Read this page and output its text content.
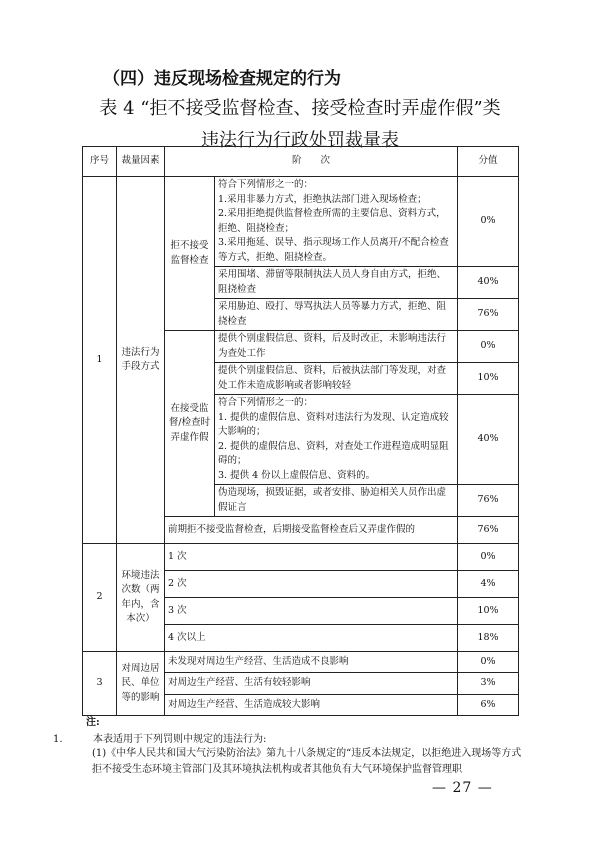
（四）违反现场检查规定的行为
表 4 “拒不接受监督检查、接受检查时弄虚作假”类
违法行为行政处罚裁量表
序号	裁量因素	阶　　次		分值
1	违法行为手段方式	拒不接受监督检查	符合下列情形之一的：
1.采用非暴力方式，拒绝执法部门进入现场检查；
2.采用拒绝提供监督检查所需的主要信息、资料方式，拒绝、阻挠检查；
3.采用拖延、误导、指示现场工作人员离开/不配合检查等方式，拒绝、阻挠检查。	0%
			采用围堵、滞留等限制执法人员人身自由方式，拒绝、阻挠检查	40%
			采用胁迫、殴打、辱骂执法人员等暴力方式，拒绝、阻挠检查	76%
		在接受监督/检查时弄虚作假	提供个别虚假信息、资料，后及时改正，未影响违法行为查处工作	0%
			提供个别虚假信息、资料，后被执法部门等发现，对查处工作未造成影响或者影响较轻	10%
			符合下列情形之一的：
1. 提供的虚假信息、资料对违法行为发现、认定造成较大影响的；
2. 提供的虚假信息、资料，对查处工作进程造成明显阻碍的；
3. 提供 4 份以上虚假信息、资料的。	40%
			伪造现场，损毁证据，或者安排、胁迫相关人员作出虚假证言	76%
		前期拒不接受监督检查，后期接受监督检查后又弄虚作假的		76%
2	环境违法次数（两年内，含本次）	1 次		0%
		2 次		4%
		3 次		10%
		4 次以上		18%
3	对周边居民、单位等的影响	未发现对周边生产经营、生活造成不良影响		0%
		对周边生产经营、生活有较轻影响		3%
		对周边生产经营、生活造成较大影响		6%
注:
1.	本表适用于下列罚则中规定的违法行为:
(1)《中华人民共和国大气污染防治法》第九十八条规定的“违反本法规定，以拒绝进入现场等方式拒不接受生态环境主管部门及其环境执法机构或者其他负有大气环境保护监督管理职
— 27 —
